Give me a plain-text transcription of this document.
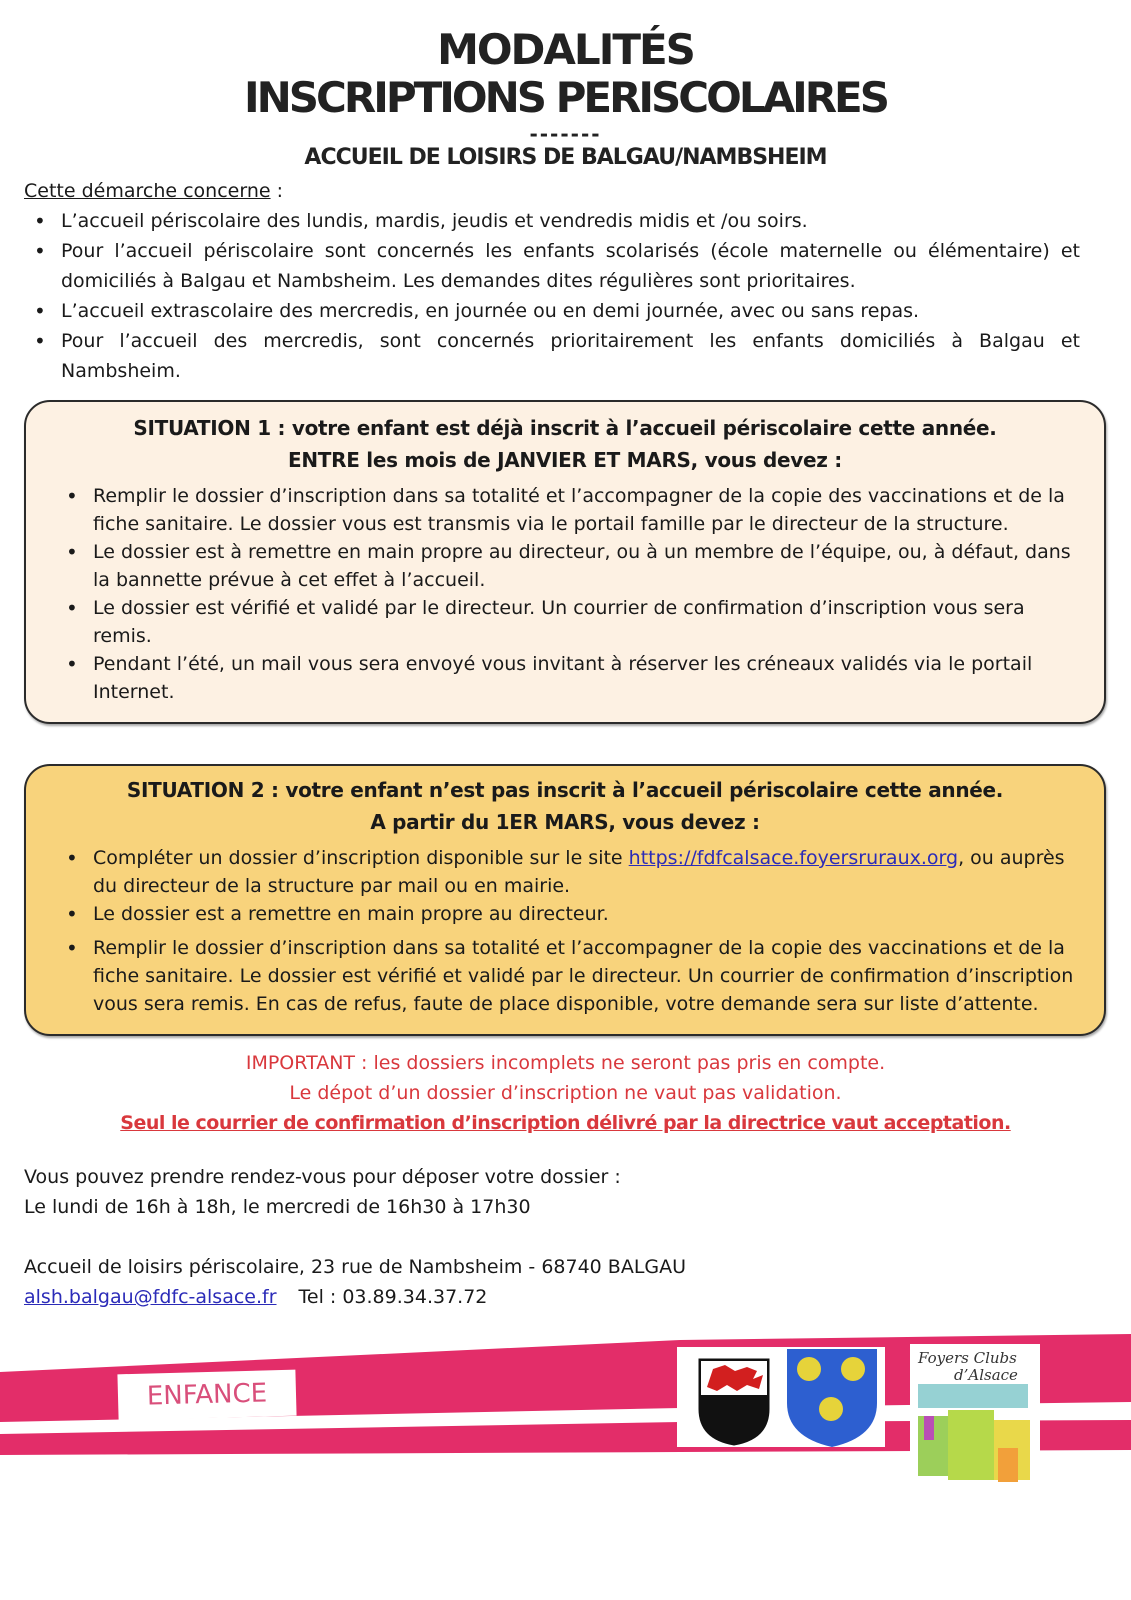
MODALITÉS
INSCRIPTIONS PERISCOLAIRES
-------
ACCUEIL DE LOISIRS DE BALGAU/NAMBSHEIM
Cette démarche concerne :
• L’accueil périscolaire des lundis, mardis, jeudis et vendredis midis et /ou soirs.
• Pour l’accueil périscolaire sont concernés les enfants scolarisés (école maternelle ou élémentaire) et domiciliés à Balgau et Nambsheim. Les demandes dites régulières sont prioritaires.
• L’accueil extrascolaire des mercredis, en journée ou en demi journée, avec ou sans repas.
• Pour l’accueil des mercredis, sont concernés prioritairement les enfants domiciliés à Balgau et Nambsheim.
SITUATION 1 : votre enfant est déjà inscrit à l’accueil périscolaire cette année.
ENTRE les mois de JANVIER ET MARS, vous devez :
• Remplir le dossier d’inscription dans sa totalité et l’accompagner de la copie des vaccinations et de la fiche sanitaire. Le dossier vous est transmis via le portail famille par le directeur de la structure.
• Le dossier est à remettre en main propre au directeur, ou à un membre de l’équipe, ou, à défaut, dans la bannette prévue à cet effet à l’accueil.
• Le dossier est vérifié et validé par le directeur. Un courrier de confirmation d’inscription vous sera remis.
• Pendant l’été, un mail vous sera envoyé vous invitant à réserver les créneaux validés via le portail Internet.
SITUATION 2 : votre enfant n’est pas inscrit à l’accueil périscolaire cette année.
A partir du 1ER MARS, vous devez :
• Compléter un dossier d’inscription disponible sur le site https://fdfcalsace.foyersruraux.org, ou auprès du directeur de la structure par mail ou en mairie.
• Le dossier est a remettre en main propre au directeur.
• Remplir le dossier d’inscription dans sa totalité et l’accompagner de la copie des vaccinations et de la fiche sanitaire. Le dossier est vérifié et validé par le directeur. Un courrier de confirmation d’inscription vous sera remis. En cas de refus, faute de place disponible, votre demande sera sur liste d’attente.
IMPORTANT : les dossiers incomplets ne seront pas pris en compte.
Le dépot d’un dossier d’inscription ne vaut pas validation.
Seul le courrier de confirmation d’inscription délivré par la directrice vaut acceptation.
Vous pouvez prendre rendez-vous pour déposer votre dossier :
Le lundi de 16h à 18h, le mercredi de 16h30 à 17h30
Accueil de loisirs périscolaire, 23 rue de Nambsheim - 68740 BALGAU
alsh.balgau@fdfc-alsace.fr Tel : 03.89.34.37.72
ENFANCE
Foyers Clubs
d’Alsace
